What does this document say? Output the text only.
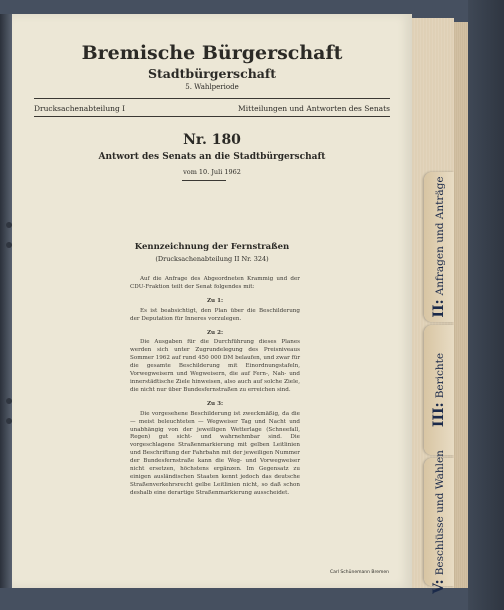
II:Anfragen und Anträge
III:Berichte
V:Beschlüsse und Wahlen
Bremische Bürgerschaft
Stadtbürgerschaft
5. Wahlperiode
Drucksachenabteilung I	Mitteilungen und Antworten des Senats
Nr. 180
Antwort des Senats an die Stadtbürgerschaft
vom 10. Juli 1962
Kennzeichnung der Fernstraßen
(Drucksachenabteilung II Nr. 324)

Auf die Anfrage des Abgeordneten Krammig und der CDU-Fraktion teilt der Senat folgendes mit:

Zu 1:

Es ist beabsichtigt, den Plan über die Beschilderung der Deputation für Inneres vorzulegen.

Zu 2:

Die Ausgaben für die Durchführung dieses Planes werden sich unter Zugrundelegung des Preisniveaus Sommer 1962 auf rund 450 000 DM belaufen, und zwar für die gesamte Beschilderung mit Einordnungstafeln, Vorwegweisern und Wegweisern, die auf Fern-, Nah- und innerstädtische Ziele hinweisen, also auch auf solche Ziele, die nicht nur über Bundesfernstraßen zu erreichen sind.

Zu 3:

Die vorgesehene Beschilderung ist zweckmäßig, da die — meist beleuchteten — Wegweiser Tag und Nacht und unabhängig von der jeweiligen Wetterlage (Schneefall, Regen) gut sicht- und wahrnehmbar sind. Die vorgeschlagene Straßenmarkierung mit gelben Leitlinien und Beschriftung der Fahrbahn mit der jeweiligen Nummer der Bundesfernstraße kann die Weg- und Vorwegweiser nicht ersetzen, höchstens ergänzen. Im Gegensatz zu einigen ausländischen Staaten kennt jedoch das deutsche Straßenverkehrsrecht gelbe Leitlinien nicht, so daß schon deshalb eine derartige Straßenmarkierung ausscheidet.

Carl Schünemann Bremen
